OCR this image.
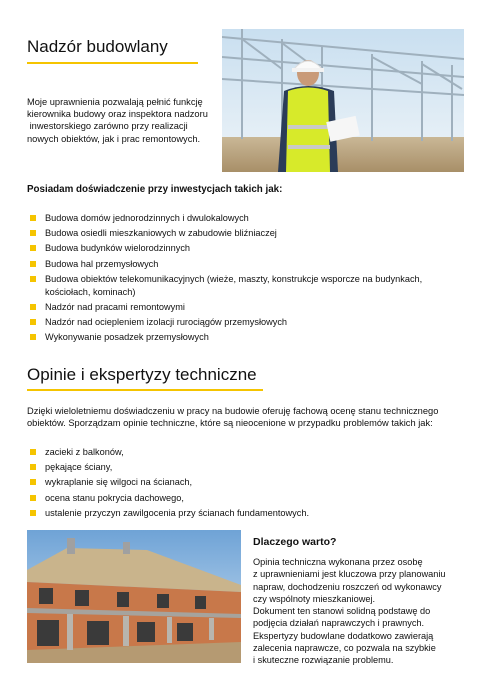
Nadzór budowlany

Moje uprawnienia pozwalają pełnić funkcję

kierownika budowy oraz inspektora nadzoru

inwestorskiego zarówno przy realizacji

nowych obiektów, jak i prac remontowych.

Posiadam doświadczenie przy inwestycjach takich jak:

Budowa domów jednorodzinnych i dwulokalowych
Budowa osiedli mieszkaniowych w zabudowie bliźniaczej
Budowa budynków wielorodzinnych
Budowa hal przemysłowych
Budowa obiektów telekomunikacyjnych (wieże, maszty, konstrukcje wsporcze na budynkach, kościołach, kominach)
Nadzór nad pracami remontowymi
Nadzór nad ociepleniem izolacji rurociągów przemysłowych
Wykonywanie posadzek przemysłowych
Opinie i ekspertyzy techniczne

Dzięki wieloletniemu doświadczeniu w pracy na budowie oferuję fachową ocenę stanu technicznego obiektów. Sporządzam opinie techniczne, które są nieocenione w przypadku problemów takich jak:

zacieki z balkonów,
pękające ściany,
wykraplanie się wilgoci na ścianach,
ocena stanu pokrycia dachowego,
ustalenie przyczyn zawilgocenia przy ścianach fundamentowych.

Dlaczego warto?

Opinia techniczna wykonana przez osobę
z uprawnieniami jest kluczowa przy planowaniu
napraw, dochodzeniu roszczeń od wykonawcy
czy wspólnoty mieszkaniowej.
Dokument ten stanowi solidną podstawę do
podjęcia działań naprawczych i prawnych.
Ekspertyzy budowlane dodatkowo zawierają
zalecenia naprawcze, co pozwala na szybkie
i skuteczne rozwiązanie problemu.
